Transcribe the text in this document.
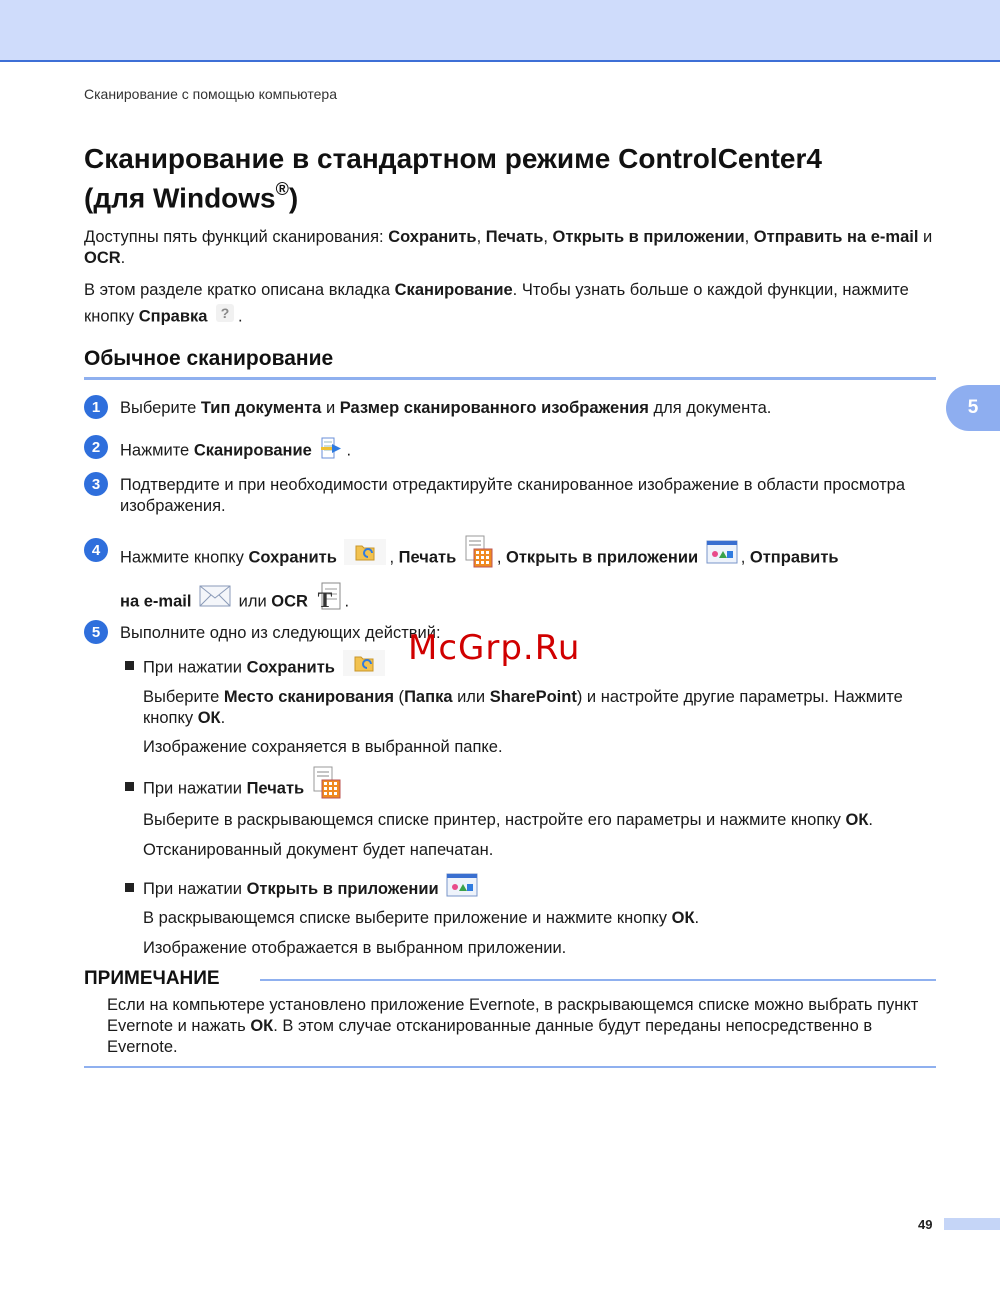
Сканирование с помощью компьютера
Сканирование в стандартном режиме ControlCenter4
(для Windows®)
Доступны пять функций сканирования: Сохранить, Печать, Открыть в приложении, Отправить на e-mail и OCR.
В этом разделе кратко описана вкладка Сканирование. Чтобы узнать больше о каждой функции, нажмите кнопку Справка ? .
Обычное сканирование
5
1	Выберите Тип документа и Размер сканированного изображения для документа.
2	Нажмите Сканирование .
3	Подтвердите и при необходимости отредактируйте сканированное изображение в области просмотра изображения.
4	Нажмите кнопку Сохранить	, Печать , Открыть в приложении	, Отправить
на e-mail	или OCR T .
5	Выполните одно из следующих действий:
При нажатии Сохранить
Выберите Место сканирования (Папка или SharePoint) и настройте другие параметры. Нажмите кнопку ОК.
Изображение сохраняется в выбранной папке.
При нажатии Печать
Выберите в раскрывающемся списке принтер, настройте его параметры и нажмите кнопку ОК.
Отсканированный документ будет напечатан.
При нажатии Открыть в приложении
В раскрывающемся списке выберите приложение и нажмите кнопку ОК.
Изображение отображается в выбранном приложении.
McGrp.Ru
ПРИМЕЧАНИЕ
Если на компьютере установлено приложение Evernote, в раскрывающемся списке можно выбрать пункт Evernote и нажать ОК. В этом случае отсканированные данные будут переданы непосредственно в Evernote.
49
